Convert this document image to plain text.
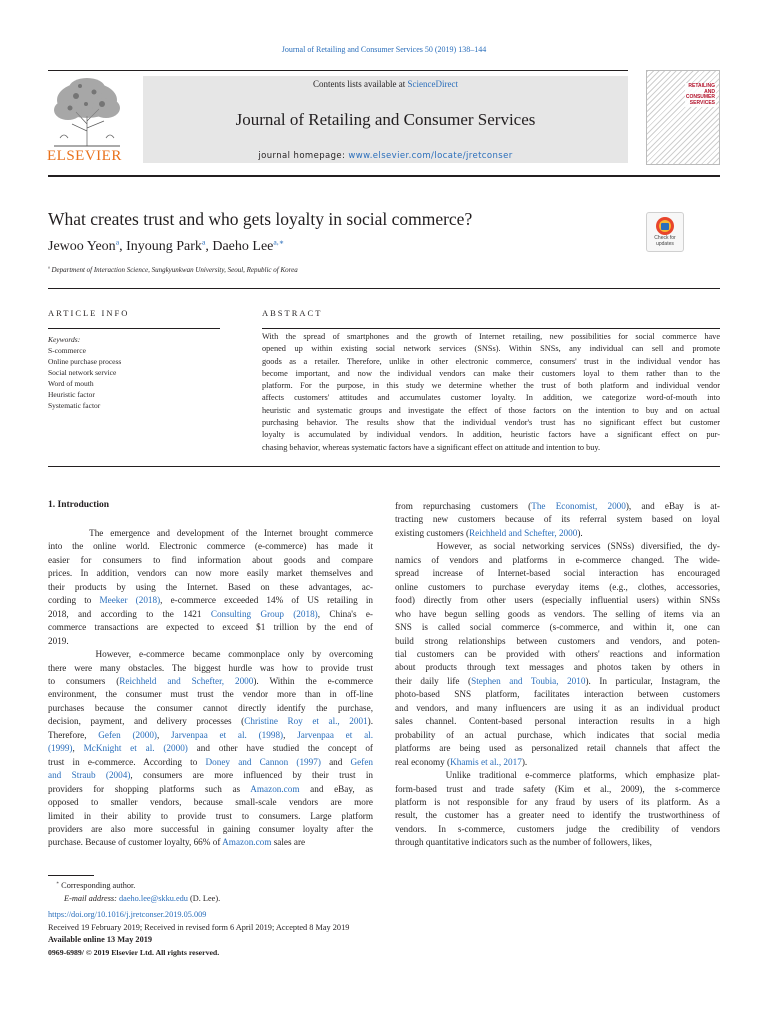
Journal of Retailing and Consumer Services 50 (2019) 138–144
ELSEVIER
Contents lists available at ScienceDirect
Journal of Retailing and Consumer Services
journal homepage: www.elsevier.com/locate/jretconser
RETAILING
AND
CONSUMER
SERVICES
What creates trust and who gets loyalty in social commerce?
Check for updates
Jewoo Yeon$^a$, Inyoung Park$^a$, Daeho Lee$^{a,∗}$
$^a$ Department of Interaction Science, Sungkyunkwan University, Seoul, Republic of Korea
ARTICLE INFO
Keywords:
S-commerce
Online purchase process
Social network service
Word of mouth
Heuristic factor
Systematic factor
ABSTRACT
With the spread of smartphones and the growth of Internet retailing, new possibilities for social commerce have
opened up within existing social network services (SNSs). Within SNSs, any individual can sell and promote
goods as a retailer. Therefore, unlike in other electronic commerce, consumers' trust in the individual vendor has
become important, and now the individual vendors can make their customers loyal to them rather than to the
platform. For the purpose, in this study we determine whether the trust of both platform and individual vendor
affects customers' attitudes and accumulates customer loyalty. In addition, we categorize word-of-mouth into
heuristic and systematic groups and investigate the effect of those factors on the intention to buy and on actual
purchasing behavior. The results show that the individual vendor's trust has no significant effect but customer
loyalty is accumulated by individual vendors. In addition, heuristic factors have a significant effect on pur-
chasing behavior, whereas systematic factors have a significant effect on attitude and intention to buy.
1. Introduction
The emergence and development of the Internet brought commerce
into the online world. Electronic commerce (e-commerce) has made it
easier for consumers to find information about goods and compare
prices. In addition, vendors can now more easily market themselves and
their products by using the Internet. Based on these advantages, ac-
cording to Meeker (2018), e-commerce exceeded 14% of US retailing in
2018, and according to the 1421 Consulting Group (2018), China's e-
commerce transactions are expected to exceed $1 trillion by the end of
2019.
However, e-commerce became commonplace only by overcoming
there were many obstacles. The biggest hurdle was how to provide trust
to consumers (Reichheld and Schefter, 2000). Within the e-commerce
environment, the consumer must trust the vendor more than in off-line
purchases because the consumer cannot directly identify the purchase,
decision, payment, and delivery processes (Christine Roy et al., 2001).
Therefore, Gefen (2000), Jarvenpaa et al. (1998), Jarvenpaa et al.
(1999), McKnight et al. (2000) and other have studied the concept of
trust in e-commerce. According to Doney and Cannon (1997) and Gefen
and Straub (2004), consumers are more influenced by their trust in
providers for shopping platforms such as Amazon.com and eBay, as
opposed to smaller vendors, because small-scale vendors are more
limited in their ability to provide trust to consumers. Large platform
providers are also more successful in gaining consumer loyalty after the
purchase. Because of customer loyalty, 66% of Amazon.com sales are
from repurchasing customers (The Economist, 2000), and eBay is at-
tracting new customers because of its referral system based on loyal
existing customers (Reichheld and Schefter, 2000).
However, as social networking services (SNSs) diversified, the dy-
namics of vendors and platforms in e-commerce changed. The wide-
spread increase of Internet-based social interaction has encouraged
online customers to purchase everyday items (e.g., clothes, accessories,
food) directly from other users (especially influential users) within SNSs
who have begun selling goods as vendors. The selling of items via an
SNS is called social commerce (s-commerce, and within it, one can
build strong relationships between customers and vendors, and poten-
tial customers can be provided with others' reactions and information
about products through text messages and photos taken by others in
their daily life (Stephen and Toubia, 2010). In particular, Instagram, the
photo-based SNS platform, facilitates interaction between customers
and vendors, and many influencers are using it as an individual product
sales channel. Content-based personal interaction results in a high
probability of an actual purchase, which indicates that social media
platforms are being used as personalized retail channels that affect the
real economy (Khamis et al., 2017).
Unlike traditional e-commerce platforms, which emphasize plat-
form-based trust and trade safety (Kim et al., 2009), the s-commerce
platform is not responsible for any fraud by users of its platform. As a
result, the customer has a greater need to identify the trustworthiness of
vendors. In s-commerce, customers judge the credibility of vendors
through quantitative indicators such as the number of followers, likes,
∗ Corresponding author.
E-mail address: daeho.lee@skku.edu (D. Lee).
https://doi.org/10.1016/j.jretconser.2019.05.009
Received 19 February 2019; Received in revised form 6 April 2019; Accepted 8 May 2019
Available online 13 May 2019
0969-6989/ © 2019 Elsevier Ltd. All rights reserved.
